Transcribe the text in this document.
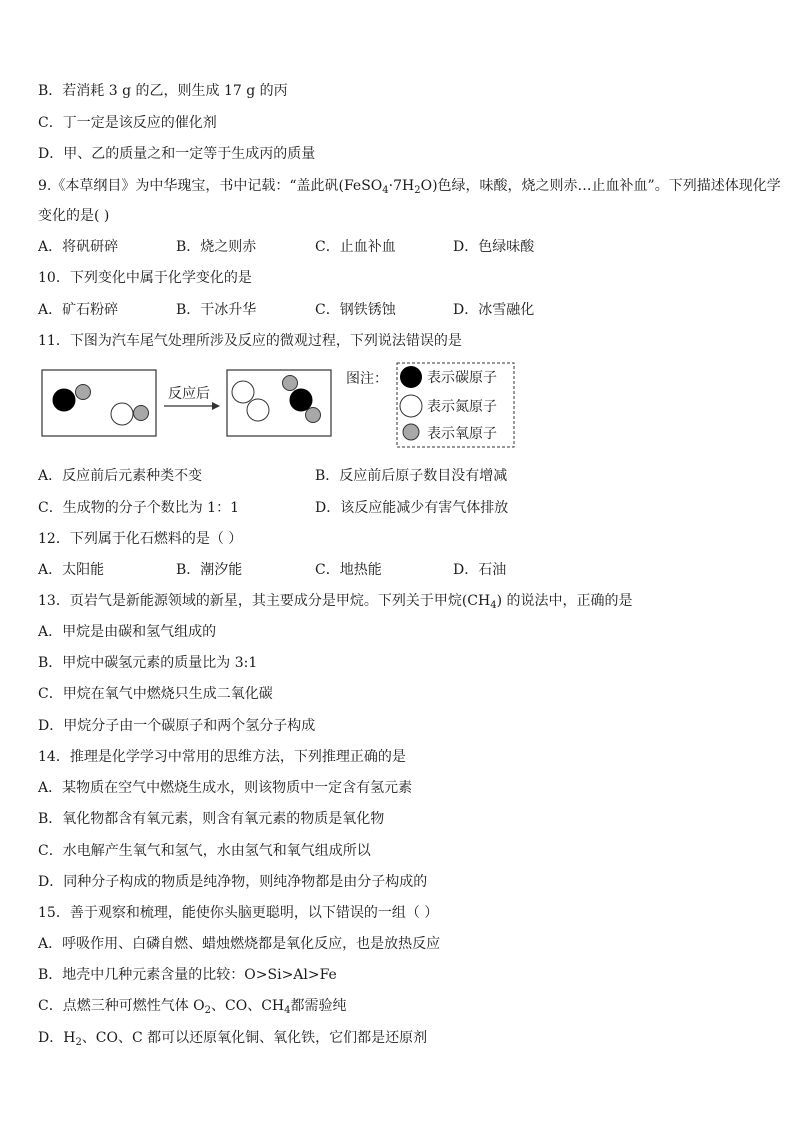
B．若消耗 3 g 的乙，则生成 17 g 的丙
C．丁一定是该反应的催化剂
D．甲、乙的质量之和一定等于生成丙的质量
9.《本草纲目》为中华瑰宝，书中记载：“盖此矾$(FeSO_4\cdot 7H_2O)$色绿，味酸，烧之则赤…止血补血”。下列描述体现化学
变化的是( )
A．将矾研碎	B．烧之则赤	C．止血补血	D．色绿味酸
10．下列变化中属于化学变化的是
A．矿石粉碎	B．干冰升华	C．钢铁锈蚀	D．冰雪融化
11．下图为汽车尾气处理所涉及反应的微观过程，下列说法错误的是
反应后
图注：	表示碳原子
表示氮原子
表示氧原子
A．反应前后元素种类不变	B．反应前后原子数目没有增减
C．生成物的分子个数比为 1：1	D．该反应能减少有害气体排放
12．下列属于化石燃料的是（ ）
A．太阳能	B．潮汐能	C．地热能	D．石油
13．页岩气是新能源领域的新星，其主要成分是甲烷。下列关于甲烷$(CH_4)$ 的说法中，正确的是
A．甲烷是由碳和氢气组成的
B．甲烷中碳氢元素的质量比为 3:1
C．甲烷在氧气中燃烧只生成二氧化碳
D．甲烷分子由一个碳原子和两个氢分子构成
14．推理是化学学习中常用的思维方法，下列推理正确的是
A．某物质在空气中燃烧生成水，则该物质中一定含有氢元素
B．氧化物都含有氧元素，则含有氧元素的物质是氧化物
C．水电解产生氧气和氢气，水由氢气和氧气组成所以
D．同种分子构成的物质是纯净物，则纯净物都是由分子构成的
15．善于观察和梳理，能使你头脑更聪明，以下错误的一组（ ）
A．呼吸作用、白磷自燃、蜡烛燃烧都是氧化反应，也是放热反应
B．地壳中几种元素含量的比较：O>Si>Al>Fe
C．点燃三种可燃性气体 $O_2$、CO、$CH_4$都需验纯
D．$H_2$、CO、C 都可以还原氧化铜、氧化铁，它们都是还原剂
